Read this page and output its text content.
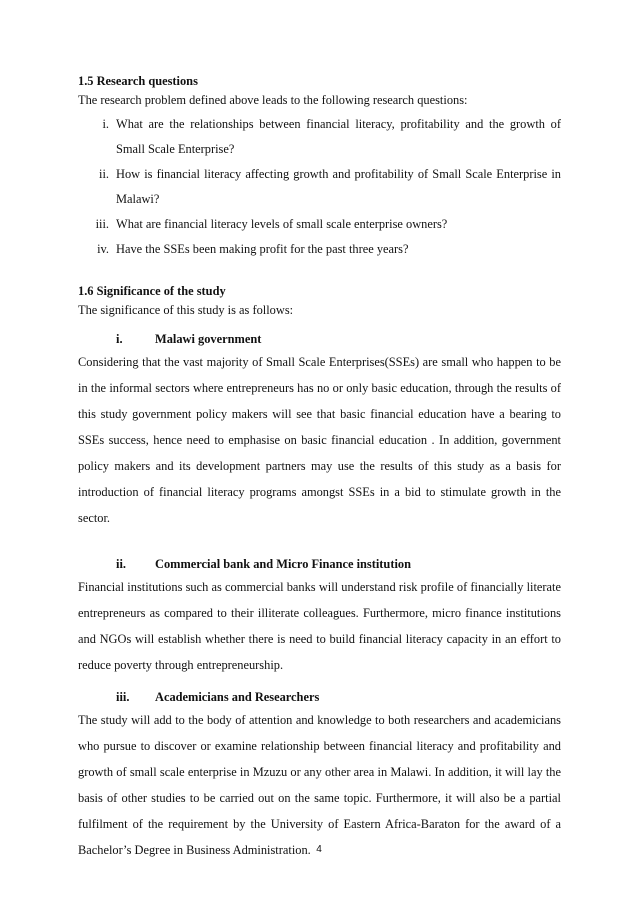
1.5 Research questions

The research problem defined above leads to the following research questions:

i. What are the relationships between financial literacy, profitability and the growth of Small Scale Enterprise?
ii. How is financial literacy affecting growth and profitability of Small Scale Enterprise in Malawi?
iii. What are financial literacy levels of small scale enterprise owners?
iv. Have the SSEs been making profit for the past three years?

1.6 Significance of the study

The significance of this study is as follows:

i.	Malawi government

Considering that the vast majority of Small Scale Enterprises(SSEs) are small who happen to be in the informal sectors where entrepreneurs has no or only basic education, through the results of this study government policy makers will see that basic financial education have a bearing to SSEs success, hence need to emphasise on basic financial education . In addition, government policy makers and its development partners may use the results of this study as a basis for introduction of financial literacy programs amongst SSEs in a bid to stimulate growth in the sector.

ii.	Commercial bank and Micro Finance institution

Financial institutions such as commercial banks will understand risk profile of financially literate entrepreneurs as compared to their illiterate colleagues. Furthermore, micro finance institutions and NGOs will establish whether there is need to build financial literacy capacity in an effort to reduce poverty through entrepreneurship.

iii.	Academicians and Researchers

The study will add to the body of attention and knowledge to both researchers and academicians who pursue to discover or examine relationship between financial literacy and profitability and growth of small scale enterprise in Mzuzu or any other area in Malawi. In addition, it will lay the basis of other studies to be carried out on the same topic. Furthermore, it will also be a partial fulfilment of the requirement by the University of Eastern Africa-Baraton for the award of a Bachelor’s Degree in Business Administration. 4
